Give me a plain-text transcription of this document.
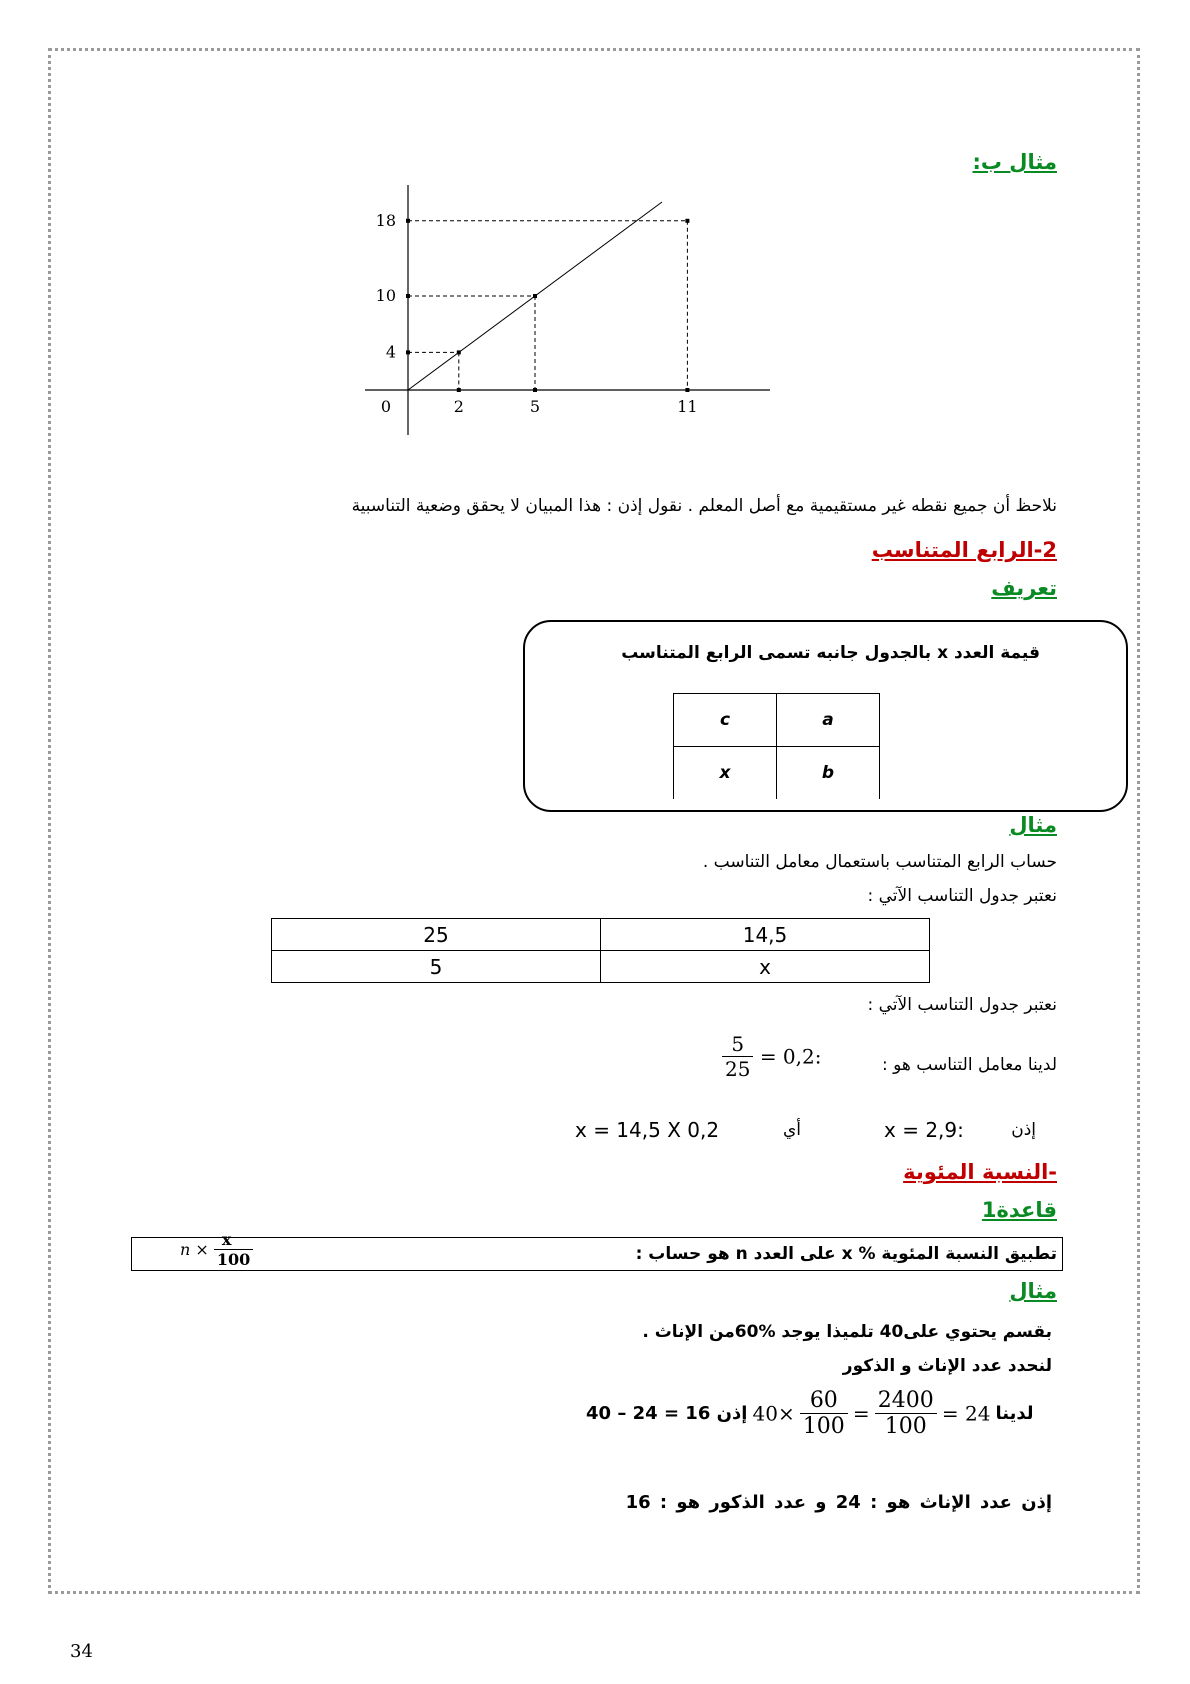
مثال ب:
0	2	5	11
4
10
18
نلاحظ أن جميع نقطه غير مستقيمية مع أصل المعلم . نقول إذن : هذا المبيان لا يحقق وضعية التناسبية
2-الرابع المتناسب
تعريف
قيمة العدد x بالجدول جانبه تسمى الرابع المتناسب
c	a
x	b
مثال
حساب الرابع المتناسب باستعمال معامل التناسب .
نعتبر جدول التناسب الآتي :
25	14,5
5	x
نعتبر جدول التناسب الآتي :
لدينا معامل التناسب هو :
$\frac{5}{25} = 0,2$:
إذن
:2,9 = x
أي
x = 14,5 X 0,2
-النسبة المئوية
قاعدة1
تطبيق النسبة المئوية % x على العدد n هو حساب :
$n \times \frac{x}{100}$
مثال
بقسم يحتوي على40 تلميذا يوجد %60من الإناث .
لنحدد عدد الإناث و الذكور
إذن 16 = 24 – 40 $40\times \frac{60}{100} = \frac{2400}{100} = 24$ لدينا
إذن عدد الإناث هو : 24 و عدد الذكور هو : 16
34
